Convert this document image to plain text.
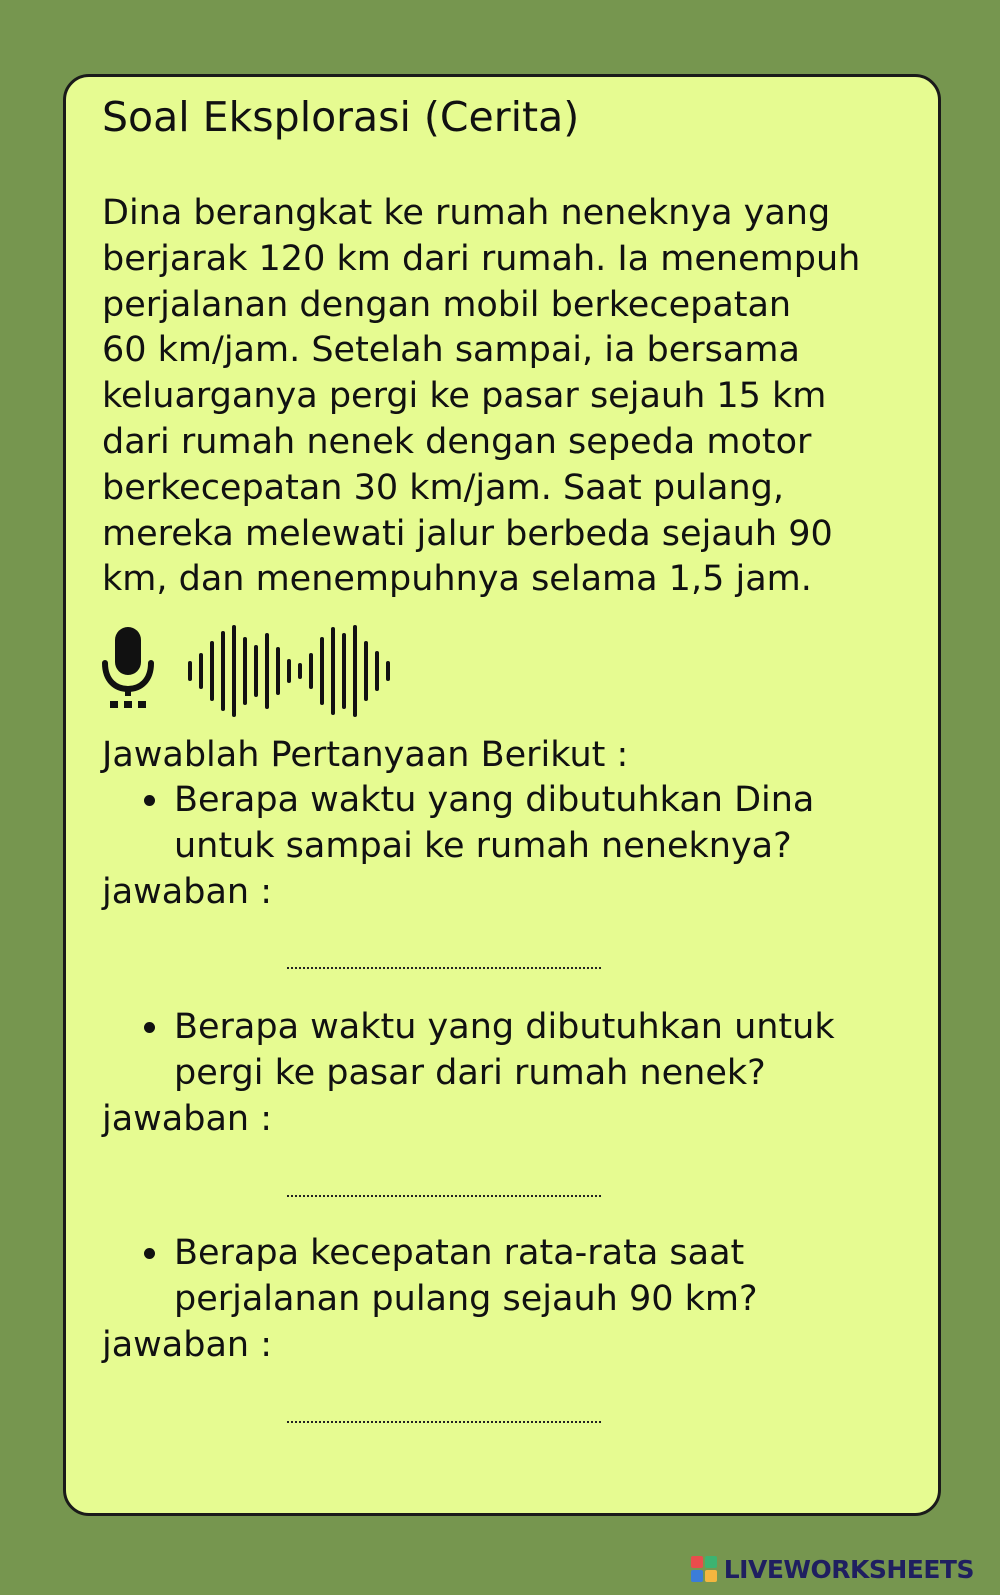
Soal Eksplorasi (Cerita)
Dina berangkat ke rumah neneknya yang
berjarak 120 km dari rumah. Ia menempuh
perjalanan dengan mobil berkecepatan
60 km/jam. Setelah sampai, ia bersama
keluarganya pergi ke pasar sejauh 15 km
dari rumah nenek dengan sepeda motor
berkecepatan 30 km/jam. Saat pulang,
mereka melewati jalur berbeda sejauh 90
km, dan menempuhnya selama 1,5 jam.

Jawablah Pertanyaan Berikut :

Berapa waktu yang dibutuhkan Dina
untuk sampai ke rumah neneknya?
jawaban :
Berapa waktu yang dibutuhkan untuk
pergi ke pasar dari rumah nenek?
jawaban :
Berapa kecepatan rata-rata saat
perjalanan pulang sejauh 90 km?
jawaban :
LIVEWORKSHEETS
